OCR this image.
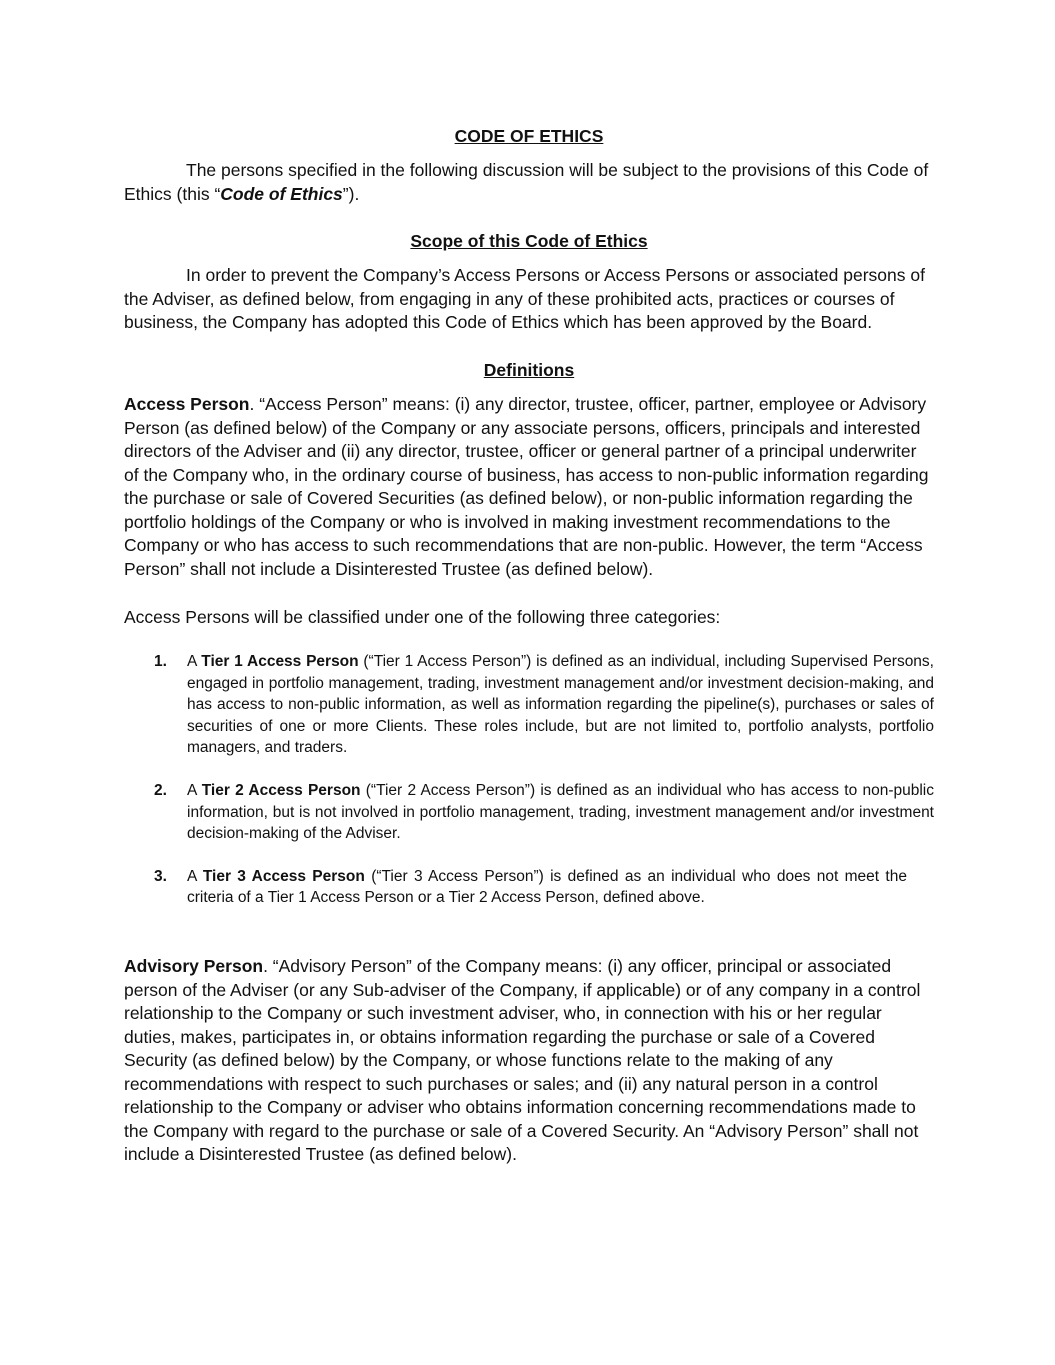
CODE OF ETHICS

The persons specified in the following discussion will be subject to the provisions of this Code of Ethics (this “Code of Ethics”).

Scope of this Code of Ethics

In order to prevent the Company’s Access Persons or Access Persons or associated persons of the Adviser, as defined below, from engaging in any of these prohibited acts, practices or courses of business, the Company has adopted this Code of Ethics which has been approved by the Board.

Definitions

Access Person. “Access Person” means: (i) any director, trustee, officer, partner, employee or Advisory Person (as defined below) of the Company or any associate persons, officers, principals and interested directors of the Adviser and (ii) any director, trustee, officer or general partner of a principal underwriter of the Company who, in the ordinary course of business, has access to non-public information regarding the purchase or sale of Covered Securities (as defined below), or non-public information regarding the portfolio holdings of the Company or who is involved in making investment recommendations to the Company or who has access to such recommendations that are non-public. However, the term “Access Person” shall not include a Disinterested Trustee (as defined below).

Access Persons will be classified under one of the following three categories:

1. A Tier 1 Access Person (“Tier 1 Access Person”) is defined as an individual, including Supervised Persons, engaged in portfolio management, trading, investment management and/or investment decision-making, and has access to non-public information, as well as information regarding the pipeline(s), purchases or sales of securities of one or more Clients. These roles include, but are not limited to, portfolio analysts, portfolio managers, and traders.
2. A Tier 2 Access Person (“Tier 2 Access Person”) is defined as an individual who has access to non-public information, but is not involved in portfolio management, trading, investment management and/or investment decision-making of the Adviser.
3. A Tier 3 Access Person (“Tier 3 Access Person”) is defined as an individual who does not meet the criteria of a Tier 1 Access Person or a Tier 2 Access Person, defined above.

Advisory Person. “Advisory Person” of the Company means: (i) any officer, principal or associated person of the Adviser (or any Sub-adviser of the Company, if applicable) or of any company in a control relationship to the Company or such investment adviser, who, in connection with his or her regular duties, makes, participates in, or obtains information regarding the purchase or sale of a Covered Security (as defined below) by the Company, or whose functions relate to the making of any recommendations with respect to such purchases or sales; and (ii) any natural person in a control relationship to the Company or adviser who obtains information concerning recommendations made to the Company with regard to the purchase or sale of a Covered Security. An “Advisory Person” shall not include a Disinterested Trustee (as defined below).
